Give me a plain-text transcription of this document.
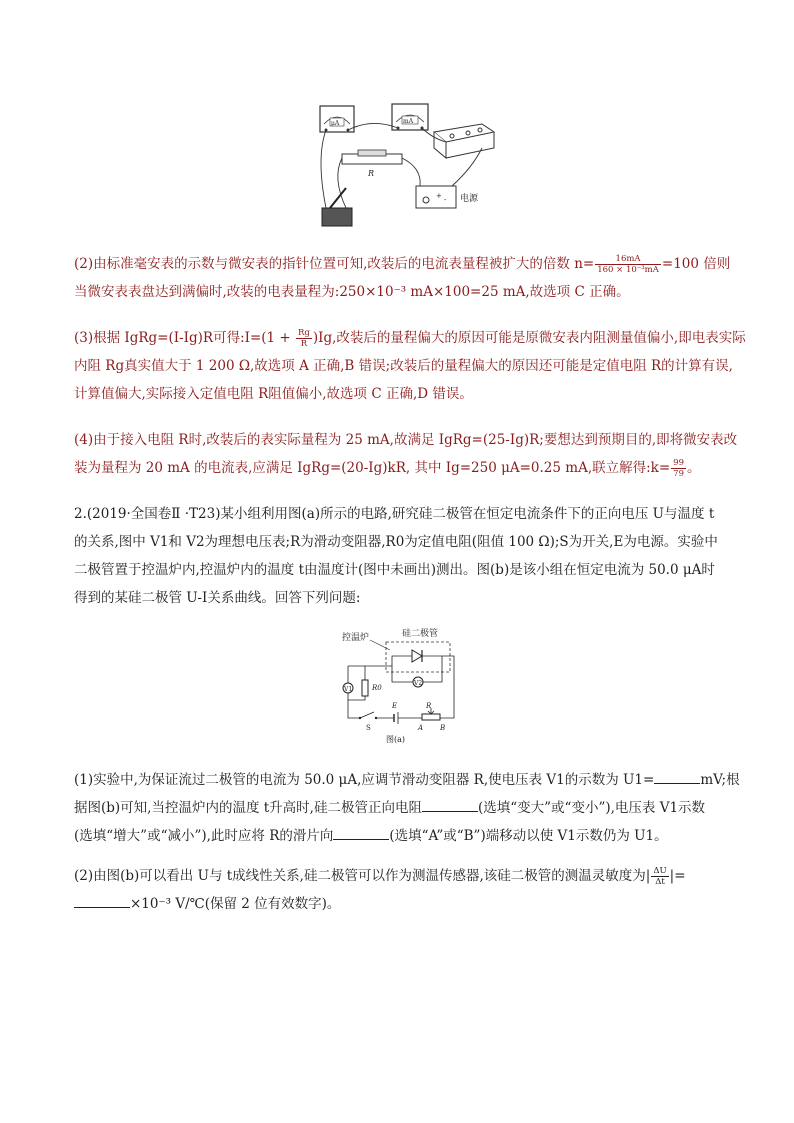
μA	mA
R
+ - 电源
(2)由标准毫安表的示数与微安表的指针位置可知,改装后的电流表量程被扩大的倍数 $n= \frac{16mA}{\text{160 × 10⁻³mA}} =100$ 倍则
当微安表表盘达到满偏时,改装的电表量程为:250×10⁻³ mA×100=25 mA,故选项 C 正确。
(3)根据 IgRg=(I-Ig)R可得:I=(1 + $\frac{Rg}{R} )Ig$,改装后的量程偏大的原因可能是原微安表内阻测量值偏小,即电表实际
内阻 Rg真实值大于 1 200 Ω,故选项 A 正确,B 错误;改装后的量程偏大的原因还可能是定值电阻 R的计算有误,
计算值偏大,实际接入定值电阻 R阻值偏小,故选项 C 正确,D 错误。
(4)由于接入电阻 R时,改装后的表实际量程为 25 mA,故满足 IgRg=(25-Ig)R;要想达到预期目的,即将微安表改
装为量程为 20 mA 的电流表,应满足 IgRg=(20-Ig)kR, 其中 Ig=250 μA=0.25 mA,联立解得:k= $\frac{99}{79}$ 。
2.(2019·全国卷Ⅱ ·T23)某小组利用图(a)所示的电路,研究硅二极管在恒定电流条件下的正向电压 U与温度 t
的关系,图中 V1和 V2为理想电压表;R为滑动变阻器,R0为定值电阻(阻值 100 Ω);S为开关,E为电源。实验中
二极管置于控温炉内,控温炉内的温度 t由温度计(图中未画出)测出。图(b)是该小组在恒定电流为 50.0 μA时
得到的某硅二极管 U-I关系曲线。回答下列问题:
控温炉	硅二极管
V2
V1	R0
E	R
A B
S
图(a)
(1)实验中,为保证流过二极管的电流为 50.0 μA,应调节滑动变阻器 R,使电压表 V1的示数为 U1=	mV;根
据图(b)可知,当控温炉内的温度 t升高时,硅二极管正向电阻	(选填“变大”或“变小”),电压表 V1示数
(选填“增大”或“减小”),此时应将 R的滑片向	(选填“A”或“B”)端移动以使 V1示数仍为 U1。
(2)由图(b)可以看出 U与 t成线性关系,硅二极管可以作为测温传感器,该硅二极管的测温灵敏度为| $\frac{\Delta U}{\Delta t}$ |=
×10⁻³ V/℃(保留 2 位有效数字)。
